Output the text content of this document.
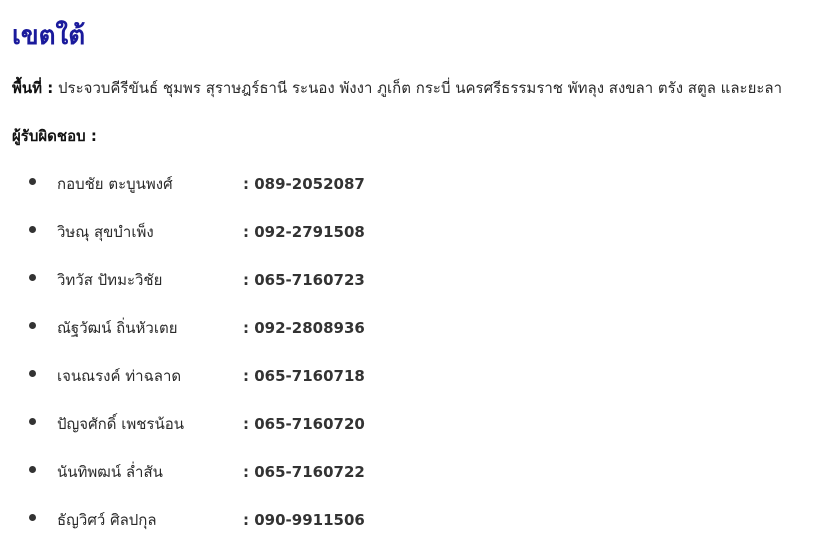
เขตใต้
พื้นที่ : ประจวบคีรีขันธ์ ชุมพร สุราษฎร์ธานี ระนอง พังงา ภูเก็ต กระบี่ นครศรีธรรมราช พัทลุง สงขลา ตรัง สตูล และยะลา
ผู้รับผิดชอบ :
กอบชัย ตะบูนพงศ์	: 089-2052087
วิษณุ สุขบำเพ็ง	: 092-2791508
วิทวัส ปัทมะวิชัย	: 065-7160723
ณัฐวัฒน์ ถิ่นหัวเตย	: 092-2808936
เจนณรงค์ ท่าฉลาด	: 065-7160718
ปัญจศักดิ์ เพชรน้อน	: 065-7160720
นันทิพฒน์ ล่ำสัน	: 065-7160722
ธัญวิศว์ ศิลปกุล	: 090-9911506
